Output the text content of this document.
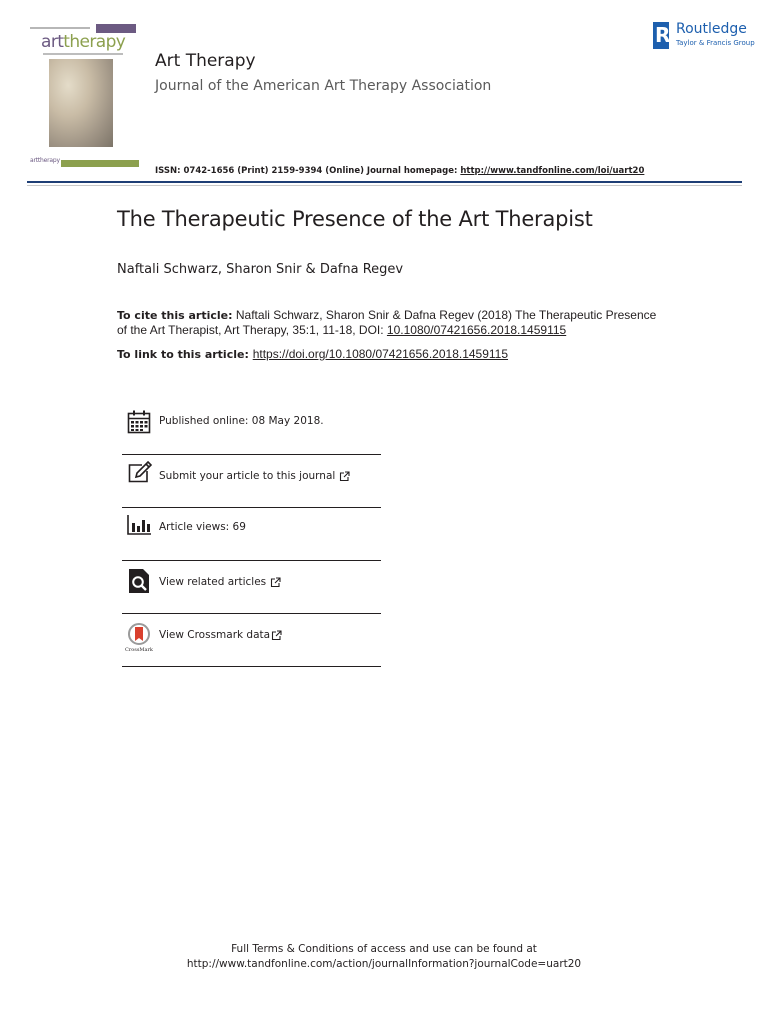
arttherapy
arttherapy
Art Therapy
Journal of the American Art Therapy Association
R Routledge
Taylor & Francis Group
ISSN: 0742-1656 (Print) 2159-9394 (Online) Journal homepage: http://www.tandfonline.com/loi/uart20
The Therapeutic Presence of the Art Therapist
Naftali Schwarz, Sharon Snir & Dafna Regev
To cite this article: Naftali Schwarz, Sharon Snir & Dafna Regev (2018) The Therapeutic Presence of the Art Therapist, Art Therapy, 35:1, 11-18, DOI: 10.1080/07421656.2018.1459115
To link to this article: https://doi.org/10.1080/07421656.2018.1459115
Published online: 08 May 2018.
Submit your article to this journal
Article views: 69
View related articles
CrossMark
View Crossmark data
Full Terms & Conditions of access and use can be found at
http://www.tandfonline.com/action/journalInformation?journalCode=uart20
